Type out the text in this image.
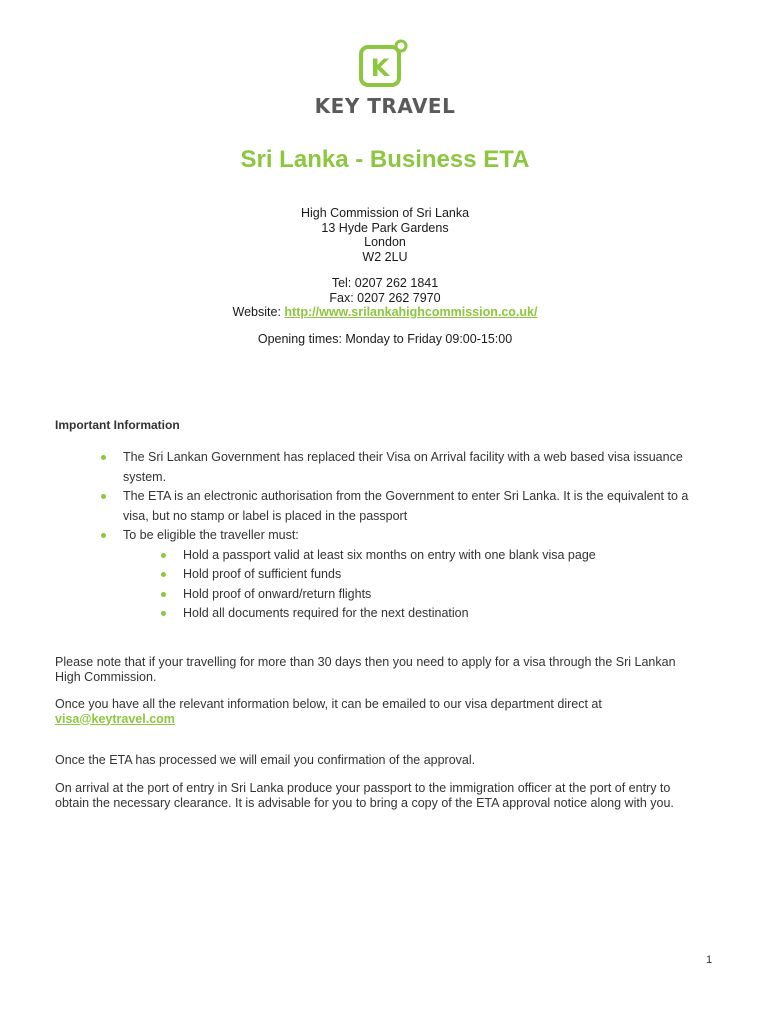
K
KEY TRAVEL
Sri Lanka - Business ETA
High Commission of Sri Lanka
13 Hyde Park Gardens
London
W2 2LU
Tel: 0207 262 1841
Fax: 0207 262 7970
Website: http://www.srilankahighcommission.co.uk/
Opening times: Monday to Friday 09:00-15:00
Important Information
The Sri Lankan Government has replaced their Visa on Arrival facility with a web based visa issuance
system.
The ETA is an electronic authorisation from the Government to enter Sri Lanka. It is the equivalent to a
visa, but no stamp or label is placed in the passport
To be eligible the traveller must:
Hold a passport valid at least six months on entry with one blank visa page
Hold proof of sufficient funds
Hold proof of onward/return flights
Hold all documents required for the next destination
Please note that if your travelling for more than 30 days then you need to apply for a visa through the Sri Lankan
High Commission.
Once you have all the relevant information below, it can be emailed to our visa department direct at
visa@keytravel.com
Once the ETA has processed we will email you confirmation of the approval.
On arrival at the port of entry in Sri Lanka produce your passport to the immigration officer at the port of entry to
obtain the necessary clearance. It is advisable for you to bring a copy of the ETA approval notice along with you.
1
